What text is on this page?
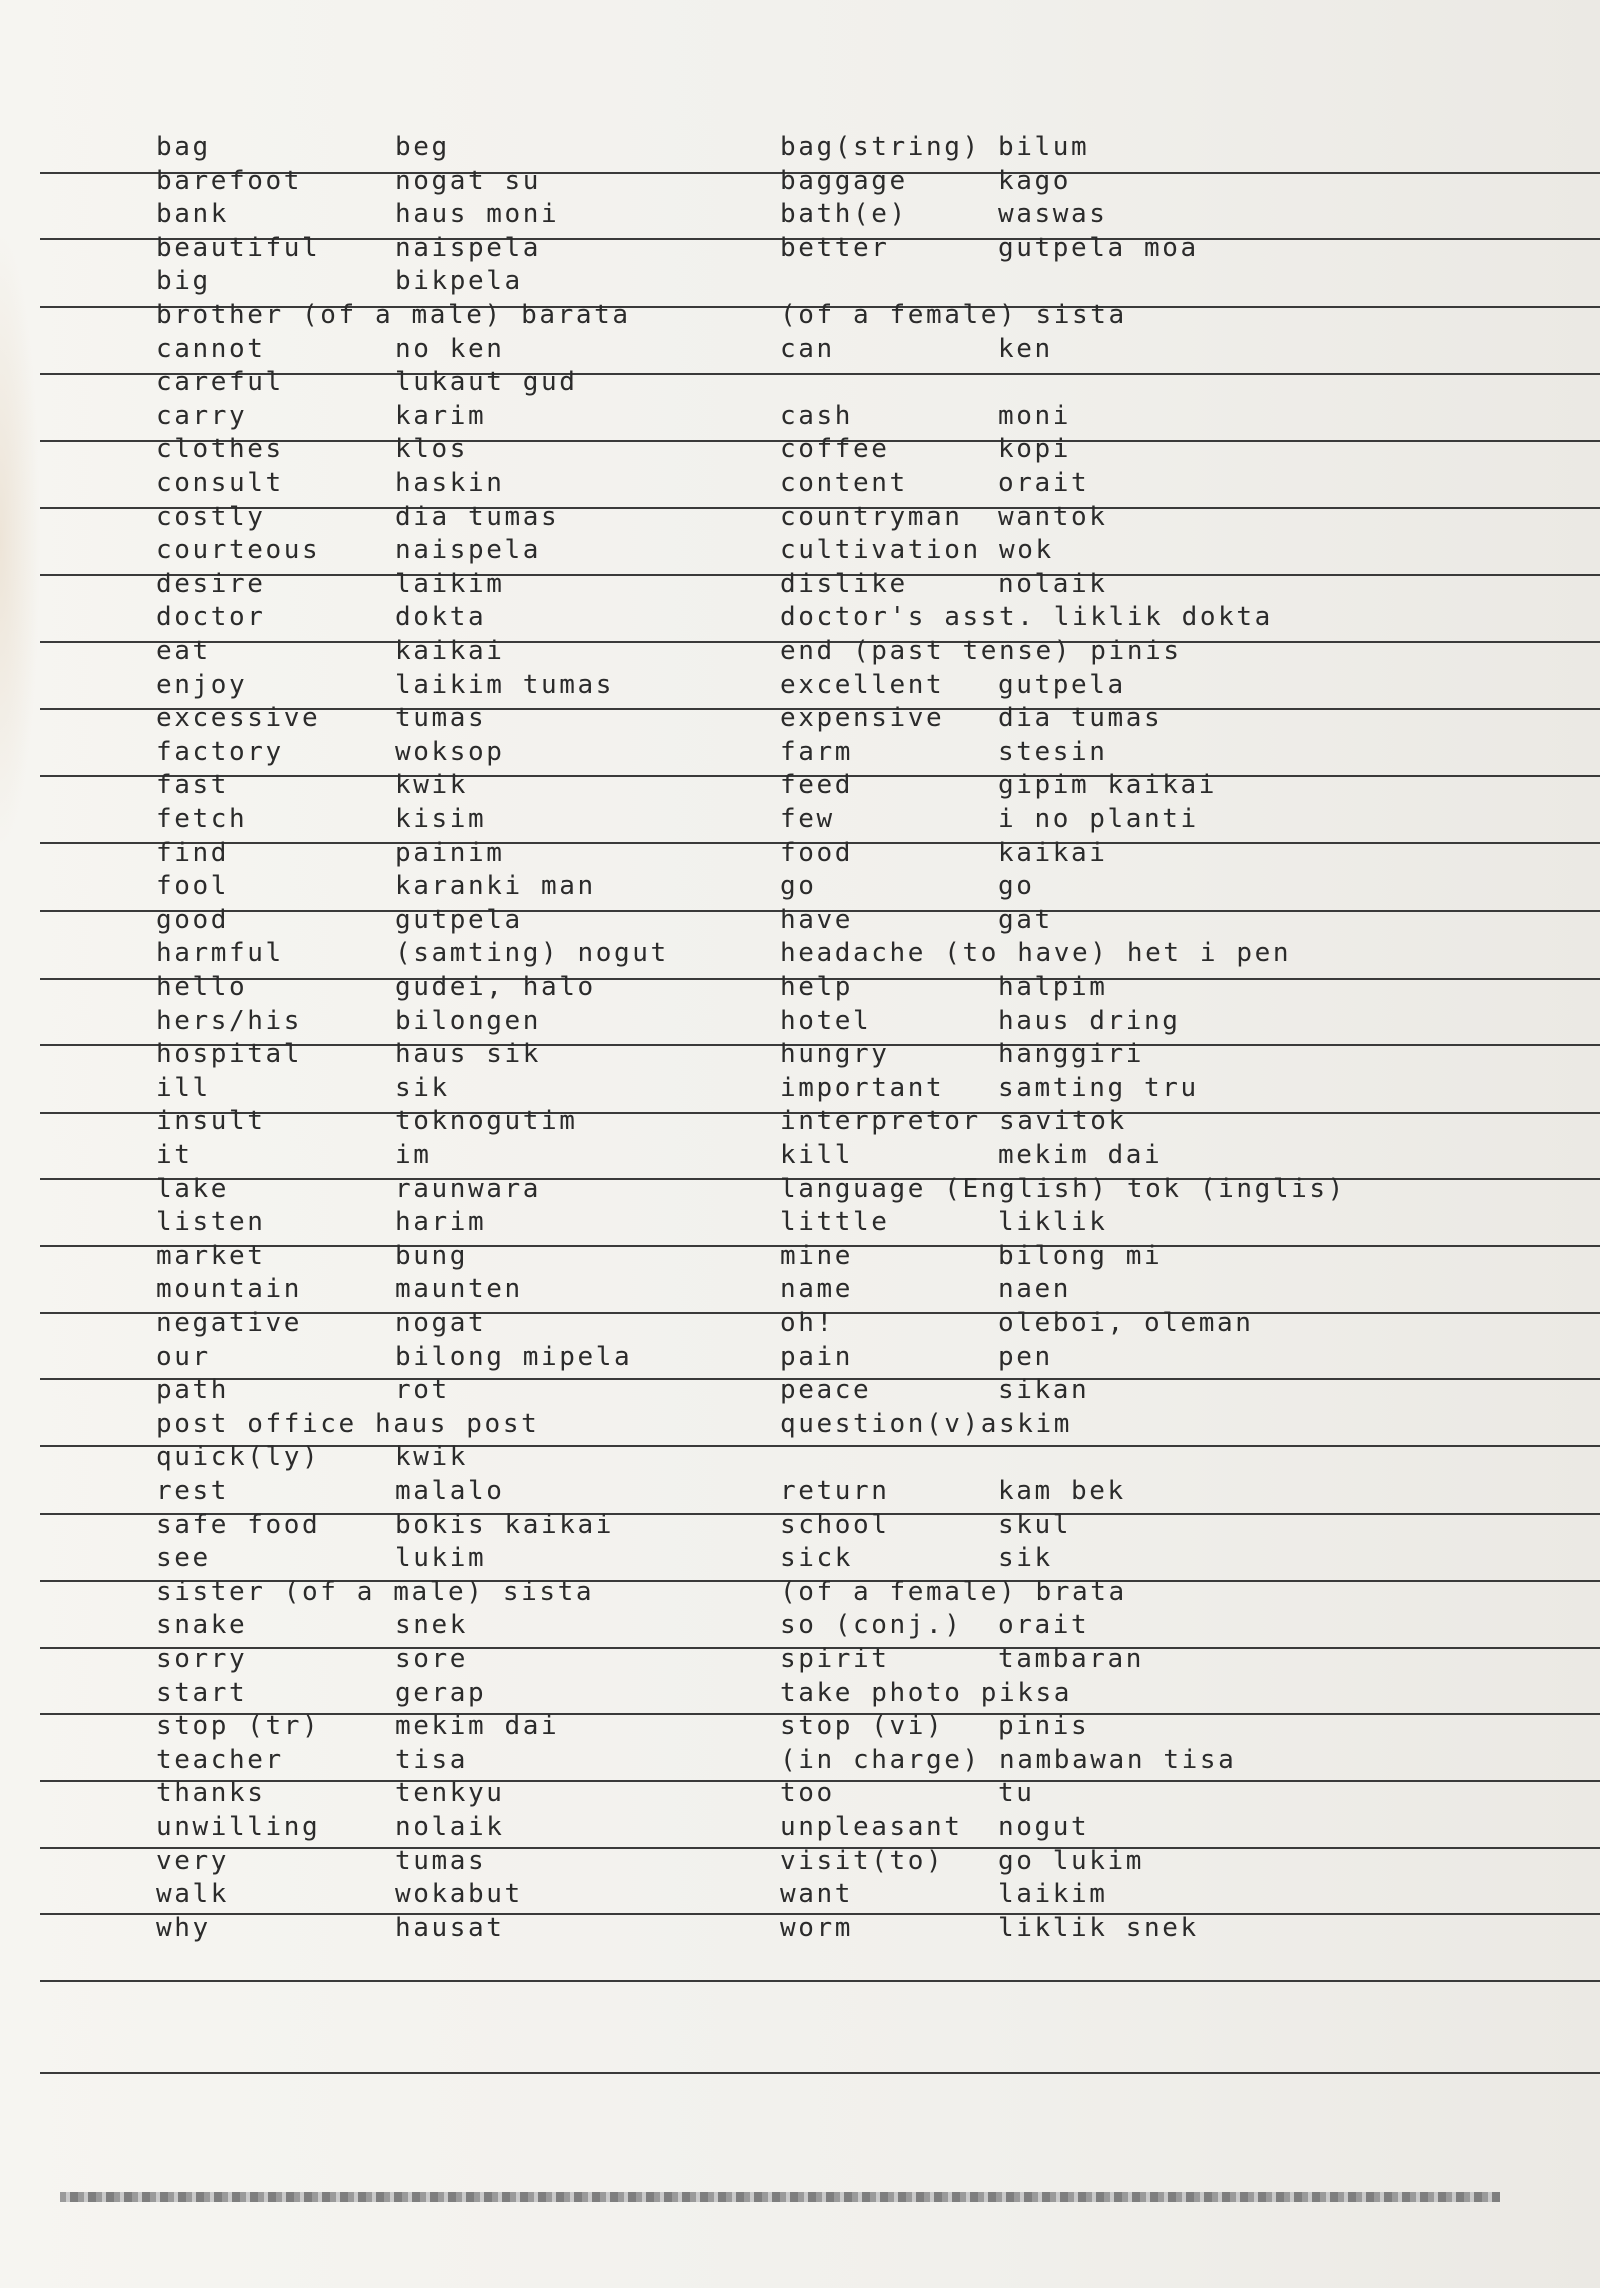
bag	beg	bag(string) bilum
barefoot	nogat su	baggage	kago
bank	haus moni	bath(e)	waswas
beautiful	naispela	better	gutpela moa
big	bikpela
brother (of a male) barata	(of a female) sista
cannot	no ken	can	ken
careful	lukaut gud
carry	karim	cash	moni
clothes	klos	coffee	kopi
consult	haskin	content	orait
costly	dia tumas	countryman wantok
courteous	naispela	cultivation wok
desire	laikim	dislike	nolaik
doctor	dokta	doctor's asst. liklik dokta
eat	kaikai	end (past tense) pinis
enjoy	laikim tumas	excellent gutpela
excessive	tumas	expensive dia tumas
factory	woksop	farm	stesin
fast	kwik	feed	gipim kaikai
fetch	kisim	few	i no planti
find	painim	food	kaikai
fool	karanki man	go	go
good	gutpela	have	gat
harmful	(samting) nogut	headache (to have) het i pen
hello	gudei, halo	help	halpim
hers/his	bilongen	hotel	haus dring
hospital	haus sik	hungry	hanggiri
ill	sik	important samting tru
insult	toknogutim	interpretor savitok
it	im	kill	mekim dai
lake	raunwara	language (English) tok (inglis)
listen	harim	little	liklik
market	bung	mine	bilong mi
mountain	maunten	name	naen
negative	nogat	oh!	oleboi, oleman
our	bilong mipela	pain	pen
path	rot	peace	sikan
post office haus post	question(v)askim
quick(ly)	kwik
rest	malalo	return	kam bek
safe food	bokis kaikai	school	skul
see	lukim	sick	sik
sister (of a male) sista	(of a female) brata
snake	snek	so (conj.) orait
sorry	sore	spirit	tambaran
start	gerap	take photo piksa
stop (tr)	mekim dai	stop (vi) pinis
teacher	tisa	(in charge) nambawan tisa
thanks	tenkyu	too	tu
unwilling	nolaik	unpleasant nogut
very	tumas	visit(to) go lukim
walk	wokabut	want	laikim
why	hausat	worm	liklik snek
